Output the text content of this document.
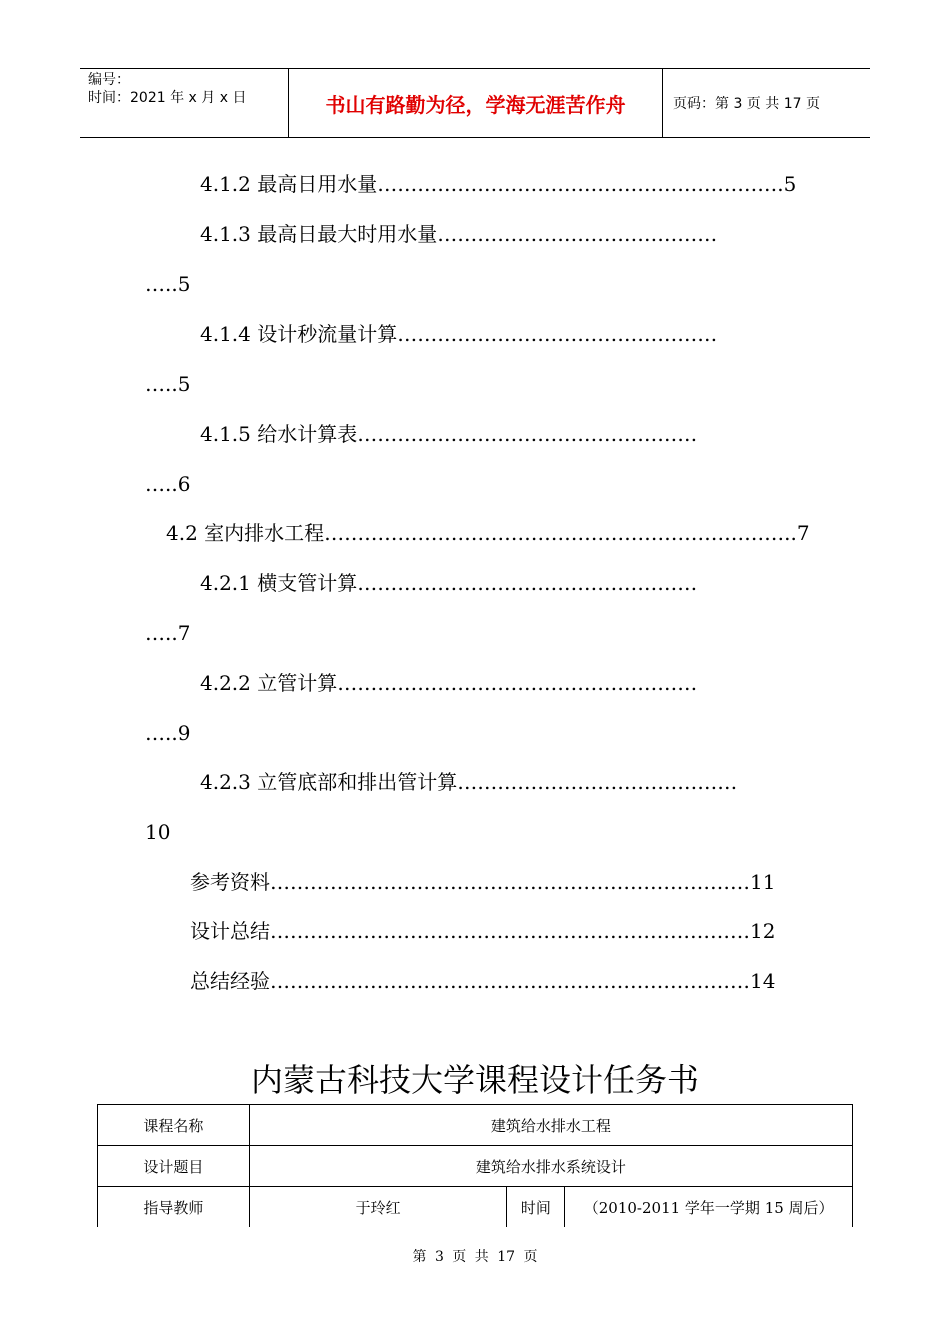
编号：
时间：2021 年 x 月 x 日	书山有路勤为径，学海无涯苦作舟	页码：第 3 页 共 17 页
4.1.2 最高日用水量…………………………………………………….5
4.1.3 最高日最大时用水量……………………………………
…..5
4.1.4 设计秒流量计算…………………………………………
…..5
4.1.5 给水计算表……………………………………………
…..6
4.2 室内排水工程……………………………………………………………..7
4.2.1 横支管计算……………………………………………
…..7
4.2.2 立管计算………………………………………………
…..9
4.2.3 立管底部和排出管计算……………………………………
10
参考资料………………………………………………………………11
设计总结………………………………………………………………12
总结经验………………………………………………………………14
内蒙古科技大学课程设计任务书
课程名称	建筑给水排水工程		
设计题目	建筑给水排水系统设计		
指导教师	于玲红	时间	（2010-2011 学年一学期 15 周后）
第 3 页 共 17 页
